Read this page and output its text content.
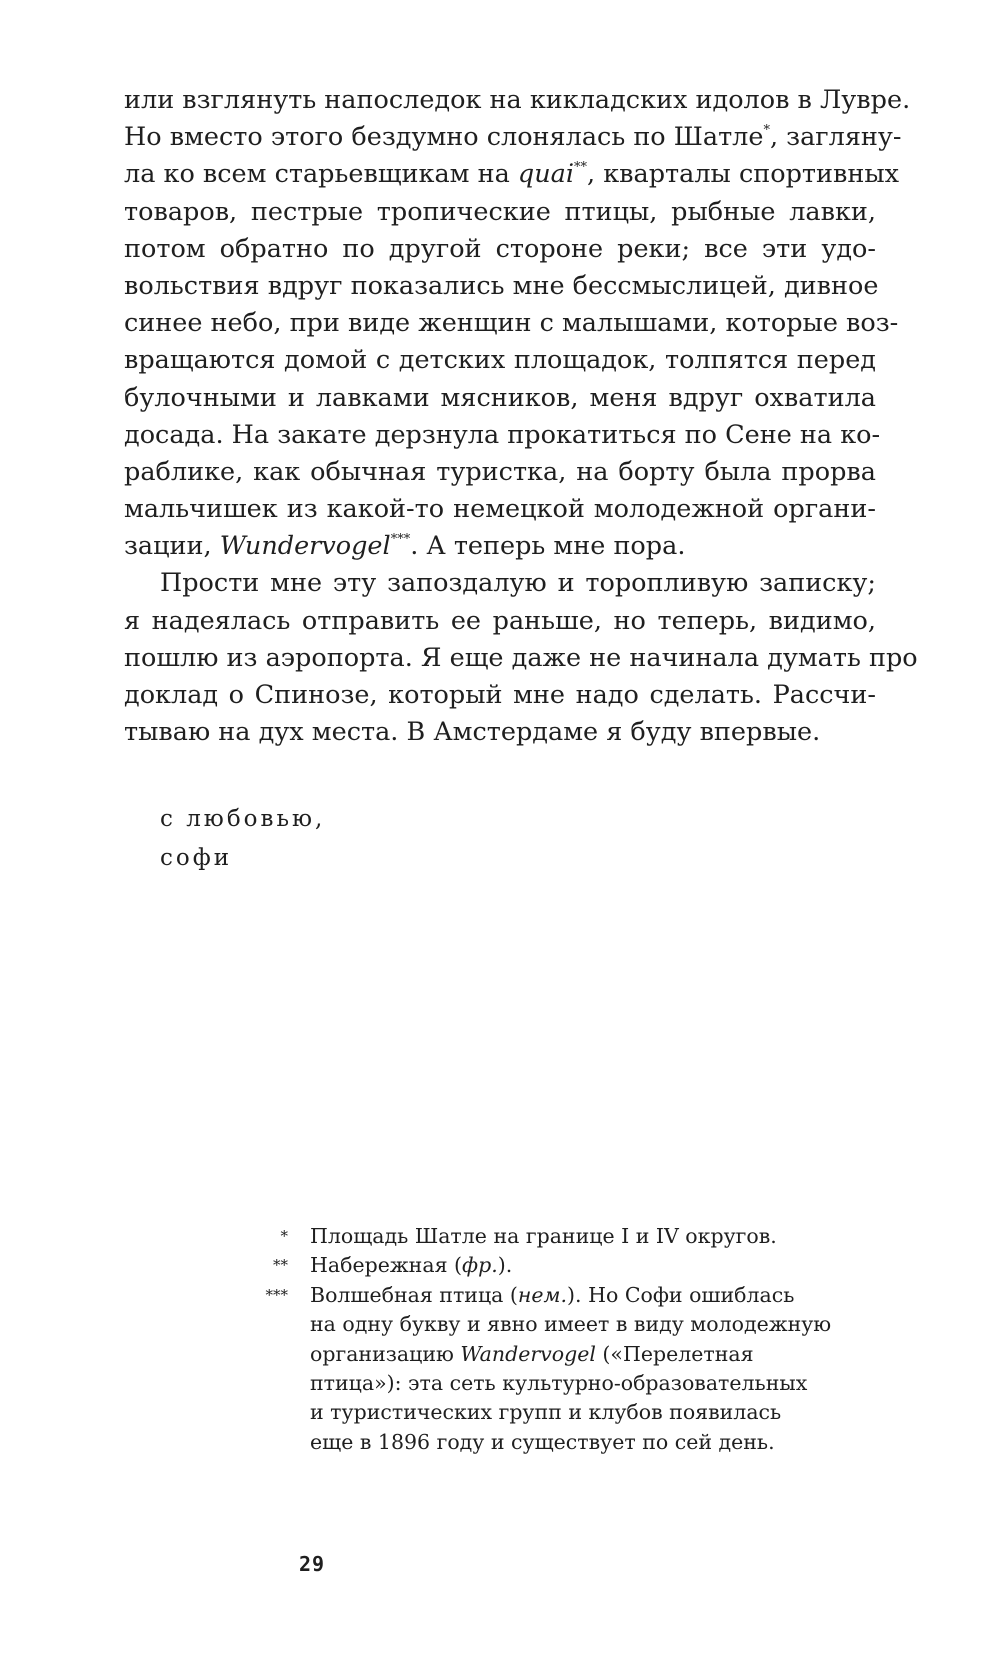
или взглянуть напоследок на кикладских идолов в Лувре.
Но вместо этого бездумно слонялась по Шатле*, загляну-
ла ко всем старьевщикам на quai**, кварталы спортивных
товаров, пестрые тропические птицы, рыбные лавки,
потом обратно по другой стороне реки; все эти удо-
вольствия вдруг показались мне бессмыслицей, дивное
синее небо, при виде женщин с малышами, которые воз-
вращаются домой с детских площадок, толпятся перед
булочными и лавками мясников, меня вдруг охватила
досада. На закате дерзнула прокатиться по Сене на ко-
раблике, как обычная туристка, на борту была прорва
мальчишек из какой-то немецкой молодежной органи-
зации, Wundervogel***. А теперь мне пора.
Прости мне эту запоздалую и торопливую записку;
я надеялась отправить ее раньше, но теперь, видимо,
пошлю из аэропорта. Я еще даже не начинала думать про
доклад о Спинозе, который мне надо сделать. Рассчи-
тываю на дух места. В Амстердаме я буду впервые.
с любовью,
софи
* Площадь Шатле на границе I и IV округов.
** Набережная (фр.).
*** Волшебная птица (нем.). Но Софи ошиблась
на одну букву и явно имеет в виду молодежную
организацию Wandervogel («Перелетная
птица»): эта сеть культурно-образовательных
и туристических групп и клубов появилась
еще в 1896 году и существует по сей день.
29
